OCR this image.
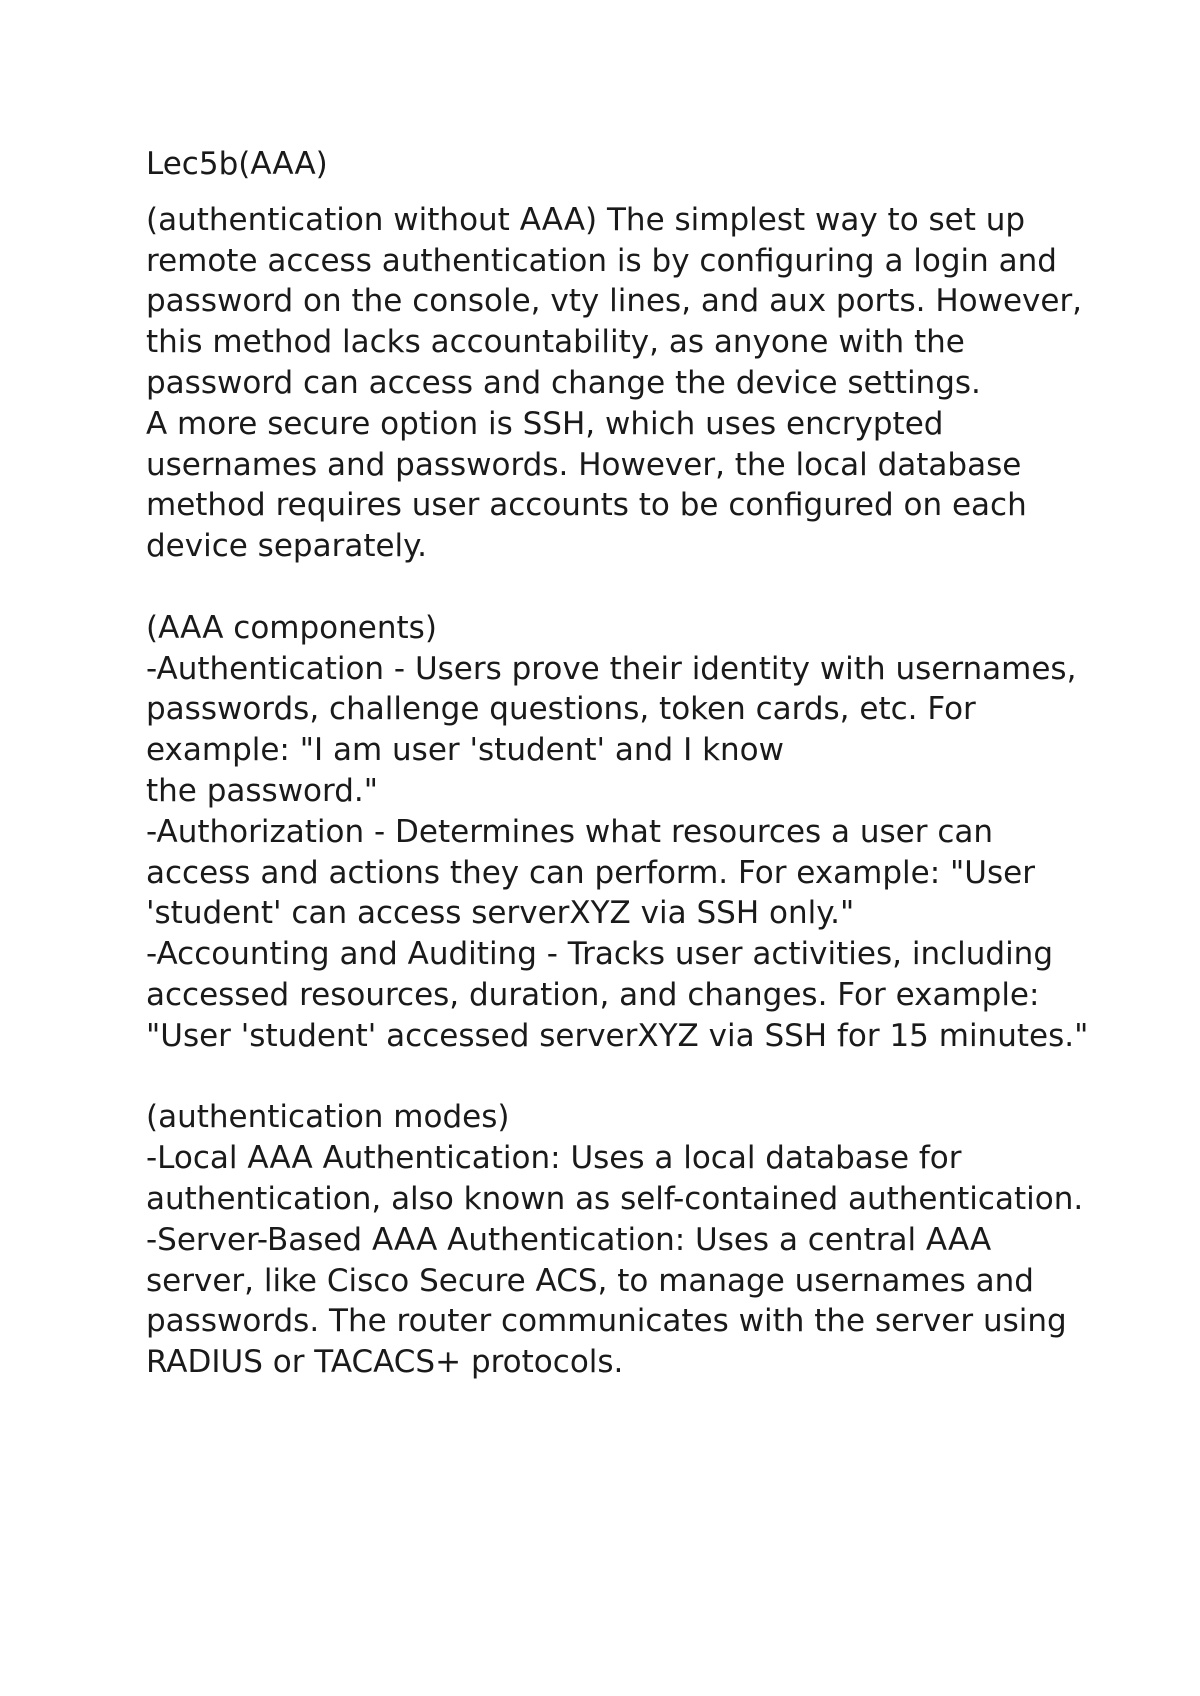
Lec5b(AAA)

(authentication without AAA) The simplest way to set up remote access authentication is by configuring a login and password on the console, vty lines, and aux ports. However, this method lacks accountability, as anyone with the password can access and change the device settings.

A more secure option is SSH, which uses encrypted usernames and passwords. However, the local database method requires user accounts to be configured on each device separately.

(AAA components)

-Authentication - Users prove their identity with usernames, passwords, challenge questions, token cards, etc. For example: "I am user 'student' and I know
the password."

-Authorization - Determines what resources a user can access and actions they can perform. For example: "User 'student' can access serverXYZ via SSH only."

-Accounting and Auditing - Tracks user activities, including accessed resources, duration, and changes. For example: "User 'student' accessed serverXYZ via SSH for 15 minutes."

(authentication modes)

-Local AAA Authentication: Uses a local database for authentication, also known as self-contained authentication.

-Server-Based AAA Authentication: Uses a central AAA server, like Cisco Secure ACS, to manage usernames and passwords. The router communicates with the server using RADIUS or TACACS+ protocols.
